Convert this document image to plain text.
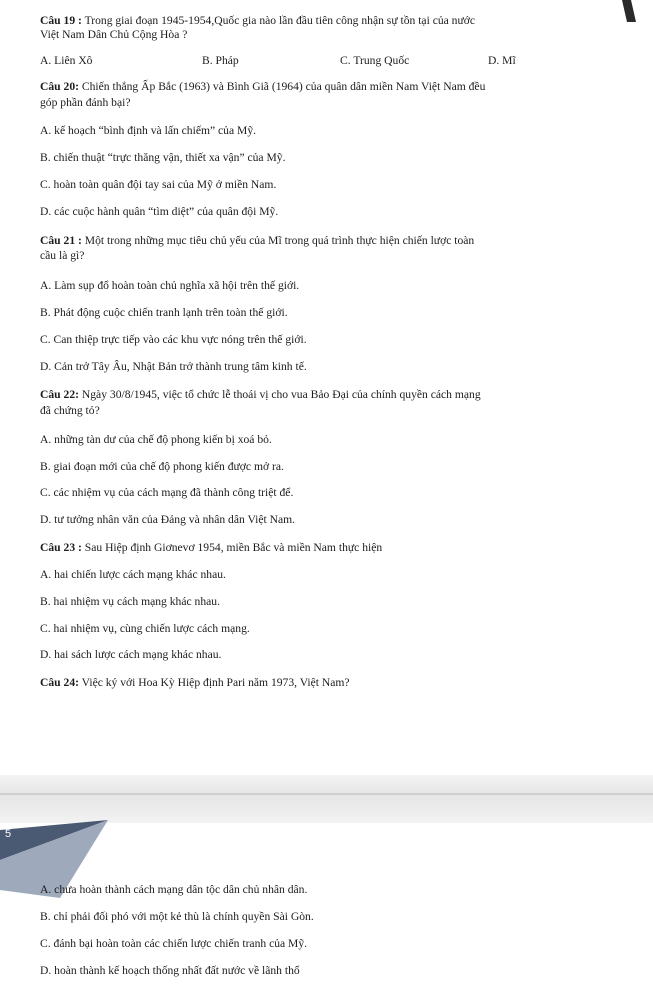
Câu 19 : Trong giai đoạn 1945-1954,Quốc gia nào lần đầu tiên công nhận sự tồn tại của nước
Việt Nam Dân Chủ Cộng Hòa ?
A. Liên Xô	B. Pháp	C. Trung Quốc	D. Mĩ
Câu 20: Chiến thắng Ấp Bắc (1963) và Bình Giã (1964) của quân dân miền Nam Việt Nam đều
góp phần đánh bại?
A. kế hoạch “bình định và lấn chiếm” của Mỹ.
B. chiến thuật “trực thăng vận, thiết xa vận” của Mỹ.
C. hoàn toàn quân đội tay sai của Mỹ ở miền Nam.
D. các cuộc hành quân “tìm diệt” của quân đội Mỹ.
Câu 21 : Một trong những mục tiêu chủ yếu của Mĩ trong quá trình thực hiện chiến lược toàn
cầu là gì?
A. Làm sụp đổ hoàn toàn chủ nghĩa xã hội trên thế giới.
B. Phát động cuộc chiến tranh lạnh trên toàn thế giới.
C. Can thiệp trực tiếp vào các khu vực nóng trên thế giới.
D. Cản trở Tây Âu, Nhật Bản trở thành trung tâm kinh tế.
Câu 22: Ngày 30/8/1945, việc tổ chức lễ thoái vị cho vua Bảo Đại của chính quyền cách mạng
đã chứng tỏ?
A. những tàn dư của chế độ phong kiến bị xoá bỏ.
B. giai đoạn mới của chế độ phong kiến được mở ra.
C. các nhiệm vụ của cách mạng đã thành công triệt để.
D. tư tưởng nhân văn của Đảng và nhân dân Việt Nam.
Câu 23 : Sau Hiệp định Giơnevơ 1954, miền Bắc và miền Nam thực hiện
A. hai chiến lược cách mạng khác nhau.
B. hai nhiệm vụ cách mạng khác nhau.
C. hai nhiệm vụ, cùng chiến lược cách mạng.
D. hai sách lược cách mạng khác nhau.
Câu 24: Việc ký với Hoa Kỳ Hiệp định Pari năm 1973, Việt Nam?
5
A. chưa hoàn thành cách mạng dân tộc dân chủ nhân dân.
B. chỉ phải đối phó với một kẻ thù là chính quyền Sài Gòn.
C. đánh bại hoàn toàn các chiến lược chiến tranh của Mỹ.
D. hoàn thành kế hoạch thống nhất đất nước về lãnh thổ
